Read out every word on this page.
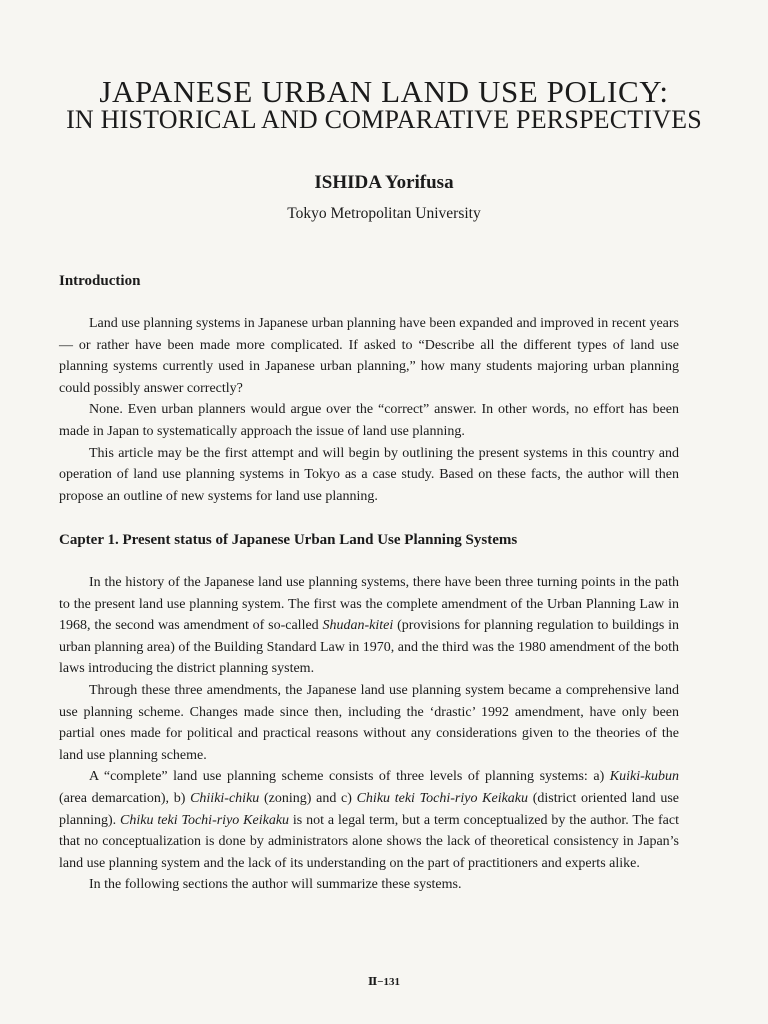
JAPANESE URBAN LAND USE POLICY:
IN HISTORICAL AND COMPARATIVE PERSPECTIVES
ISHIDA Yorifusa
Tokyo Metropolitan University
Introduction

Land use planning systems in Japanese urban planning have been expanded and improved in recent years — or rather have been made more complicated. If asked to “Describe all the different types of land use planning systems currently used in Japanese urban planning,” how many students majoring urban planning could possibly answer correctly?

None. Even urban planners would argue over the “correct” answer. In other words, no effort has been made in Japan to systematically approach the issue of land use planning.

This article may be the first attempt and will begin by outlining the present systems in this country and operation of land use planning systems in Tokyo as a case study. Based on these facts, the author will then propose an outline of new systems for land use planning.

Capter 1. Present status of Japanese Urban Land Use Planning Systems

In the history of the Japanese land use planning systems, there have been three turning points in the path to the present land use planning system. The first was the complete amendment of the Urban Planning Law in 1968, the second was amendment of so-called Shudan-kitei (provisions for planning regulation to buildings in urban planning area) of the Building Standard Law in 1970, and the third was the 1980 amendment of the both laws introducing the district planning system.

Through these three amendments, the Japanese land use planning system became a comprehensive land use planning scheme. Changes made since then, including the ‘drastic’ 1992 amendment, have only been partial ones made for political and practical reasons without any considerations given to the theories of the land use planning scheme.

A “complete” land use planning scheme consists of three levels of planning systems: a) Kuiki-kubun (area demarcation), b) Chiiki-chiku (zoning) and c) Chiku teki Tochi-riyo Keikaku (district oriented land use planning). Chiku teki Tochi-riyo Keikaku is not a legal term, but a term conceptualized by the author. The fact that no conceptualization is done by administrators alone shows the lack of theoretical consistency in Japan’s land use planning system and the lack of its understanding on the part of practitioners and experts alike.

In the following sections the author will summarize these systems.

Ⅱ−131
